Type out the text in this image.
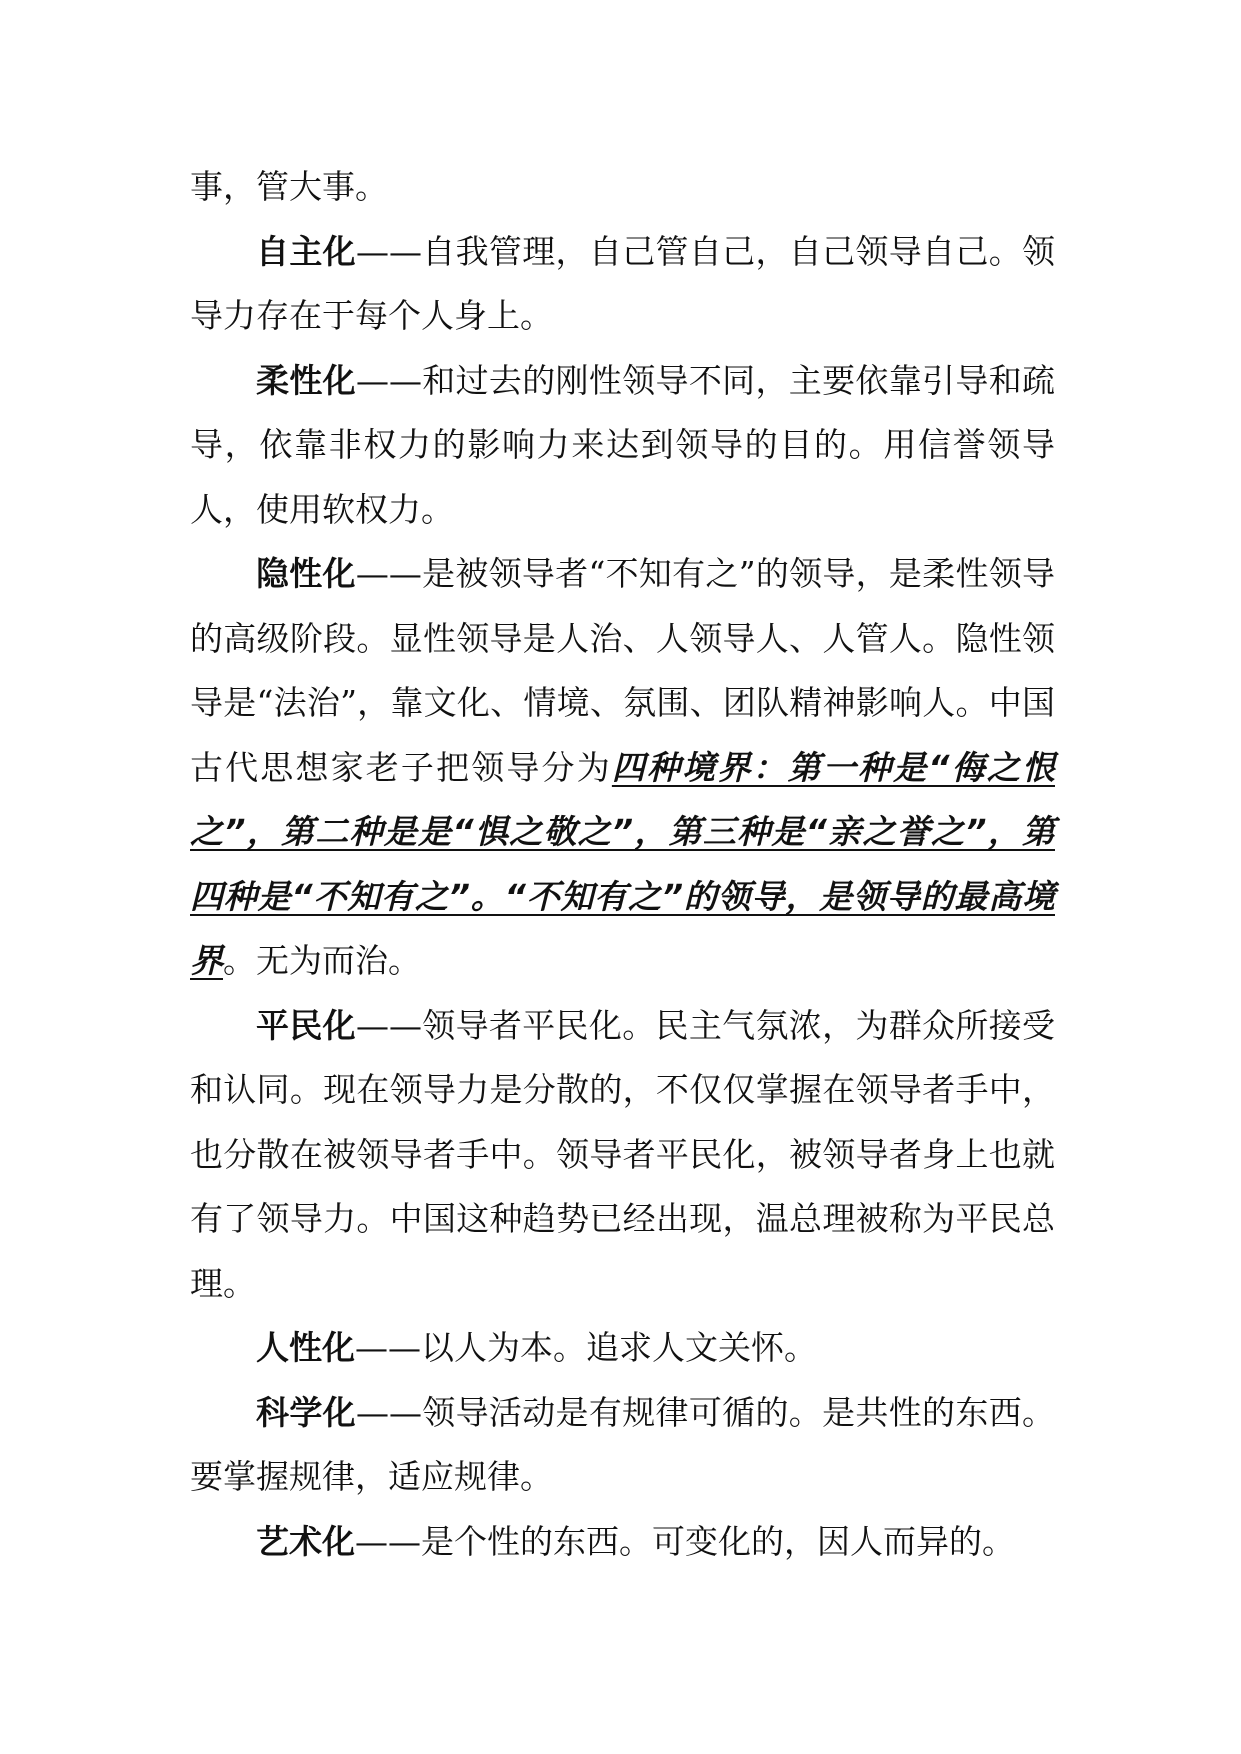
事，管大事。

自主化——自我管理，自己管自己，自己领导自己。领导力存在于每个人身上。

柔性化——和过去的刚性领导不同，主要依靠引导和疏导，依靠非权力的影响力来达到领导的目的。用信誉领导人，使用软权力。

隐性化——是被领导者“不知有之”的领导，是柔性领导的高级阶段。显性领导是人治、人领导人、人管人。隐性领导是“法治”，靠文化、情境、氛围、团队精神影响人。中国古代思想家老子把领导分为四种境界：第一种是“侮之恨之”，第二种是是“惧之敬之”，第三种是“亲之誉之”，第四种是“不知有之”。“不知有之”的领导，是领导的最高境界。无为而治。

平民化——领导者平民化。民主气氛浓，为群众所接受和认同。现在领导力是分散的，不仅仅掌握在领导者手中，也分散在被领导者手中。领导者平民化，被领导者身上也就有了领导力。中国这种趋势已经出现，温总理被称为平民总理。

人性化——以人为本。追求人文关怀。

科学化——领导活动是有规律可循的。是共性的东西。要掌握规律，适应规律。

艺术化——是个性的东西。可变化的，因人而异的。
